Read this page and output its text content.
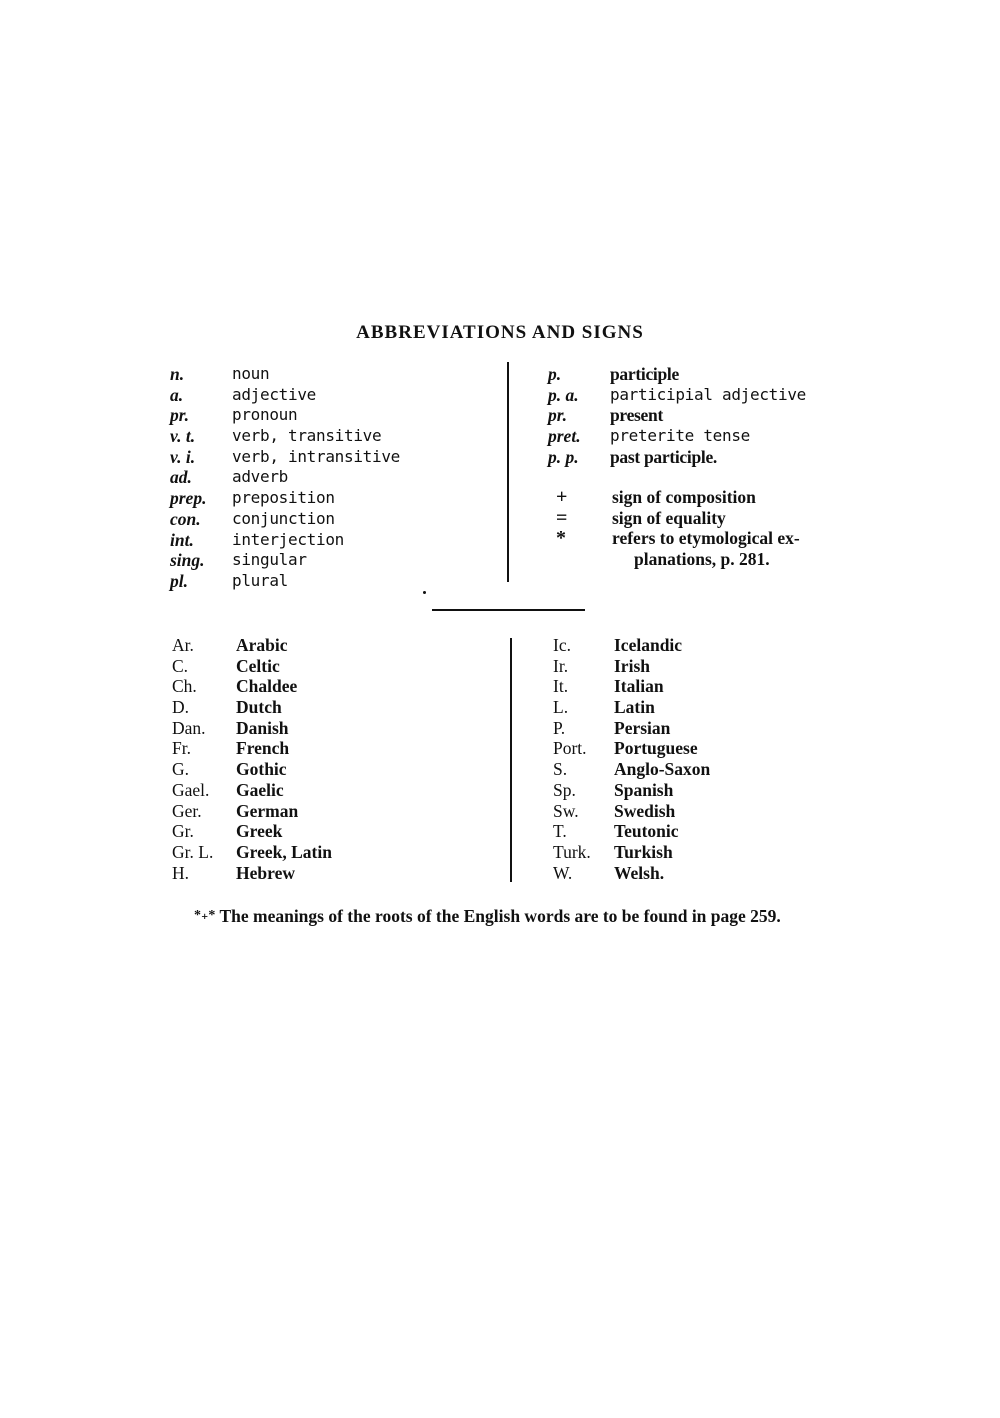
ABBREVIATIONS AND SIGNS
n.	noun
a.	adjective
pr.	pronoun
v. t. verb, transitive
v. i. verb, intransitive
ad.	adverb
prep. preposition
con. conjunction
int. interjection
sing. singular
pl.	plural
p.	participle
p. a. participial adjective
pr. present
pret. preterite tense
p. p. past participle.
+	sign of composition
=	sign of equality
*	refers to etymological ex-
planations, p. 281.
Ar. Arabic
C.	Celtic
Ch. Chaldee
D.	Dutch
Dan. Danish
Fr.	French
G.	Gothic
Gael. Gaelic
Ger. German
Gr. Greek
Gr. L. Greek, Latin
H.	Hebrew
Ic. Icelandic
Ir.	Irish
It.	Italian
L.	Latin
P.	Persian
Port. Portuguese
S.	Anglo-Saxon
Sp. Spanish
Sw. Swedish
T.	Teutonic
Turk. Turkish
W. Welsh.
*₊* The meanings of the roots of the English words are to be found in page 259.
